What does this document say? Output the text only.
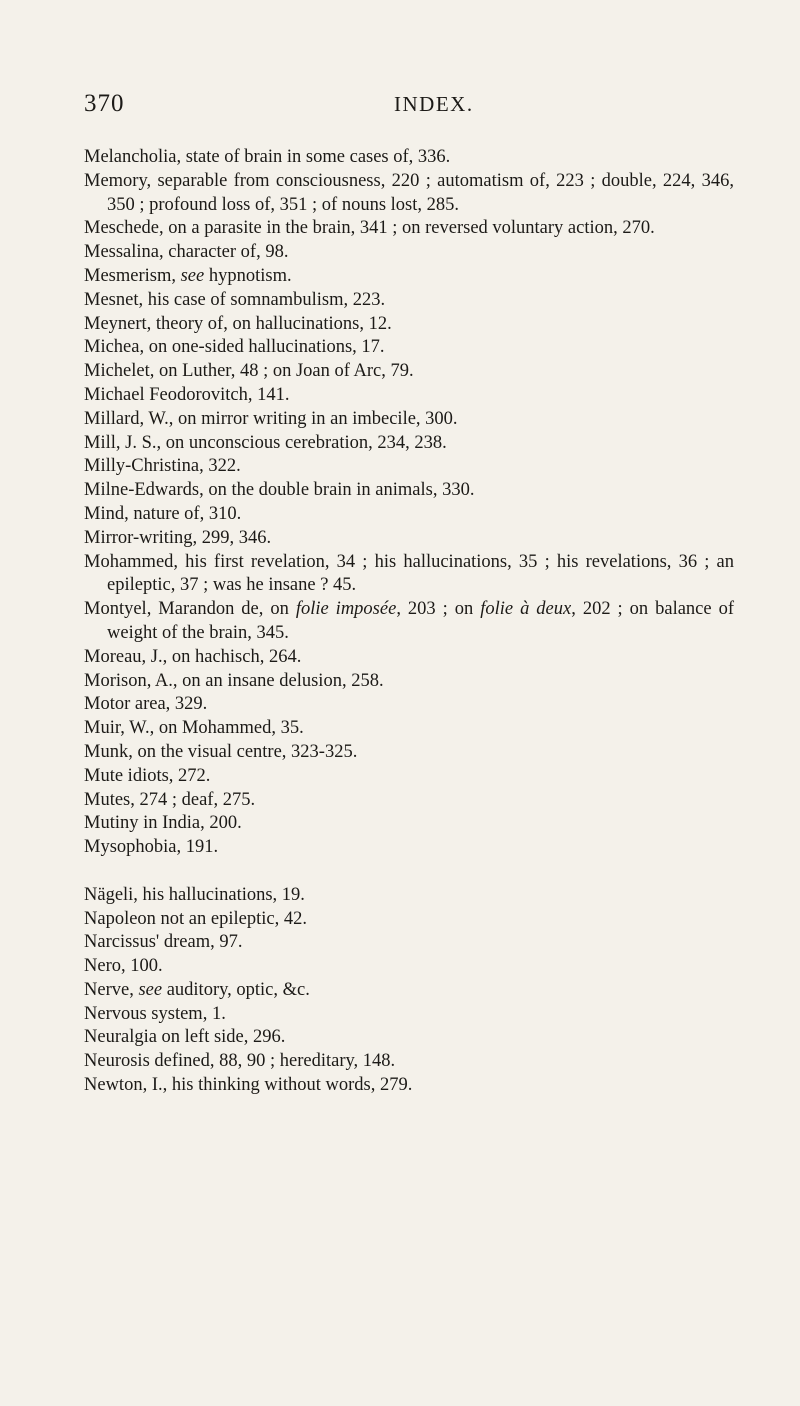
370	INDEX.
Melancholia, state of brain in some cases of, 336.
Memory, separable from consciousness, 220 ; automatism of, 223 ; double, 224, 346, 350 ; profound loss of, 351 ; of nouns lost, 285.
Meschede, on a parasite in the brain, 341 ; on reversed voluntary action, 270.
Messalina, character of, 98.
Mesmerism, see hypnotism.
Mesnet, his case of somnambulism, 223.
Meynert, theory of, on hallucinations, 12.
Michea, on one-sided hallucinations, 17.
Michelet, on Luther, 48 ; on Joan of Arc, 79.
Michael Feodorovitch, 141.
Millard, W., on mirror writing in an imbecile, 300.
Mill, J. S., on unconscious cerebration, 234, 238.
Milly-Christina, 322.
Milne-Edwards, on the double brain in animals, 330.
Mind, nature of, 310.
Mirror-writing, 299, 346.
Mohammed, his first revelation, 34 ; his hallucinations, 35 ; his revelations, 36 ; an epileptic, 37 ; was he insane ? 45.
Montyel, Marandon de, on folie imposée, 203 ; on folie à deux, 202 ; on balance of weight of the brain, 345.
Moreau, J., on hachisch, 264.
Morison, A., on an insane delusion, 258.
Motor area, 329.
Muir, W., on Mohammed, 35.
Munk, on the visual centre, 323-325.
Mute idiots, 272.
Mutes, 274 ; deaf, 275.
Mutiny in India, 200.
Mysophobia, 191.
Nägeli, his hallucinations, 19.
Napoleon not an epileptic, 42.
Narcissus' dream, 97.
Nero, 100.
Nerve, see auditory, optic, &c.
Nervous system, 1.
Neuralgia on left side, 296.
Neurosis defined, 88, 90 ; hereditary, 148.
Newton, I., his thinking without words, 279.
